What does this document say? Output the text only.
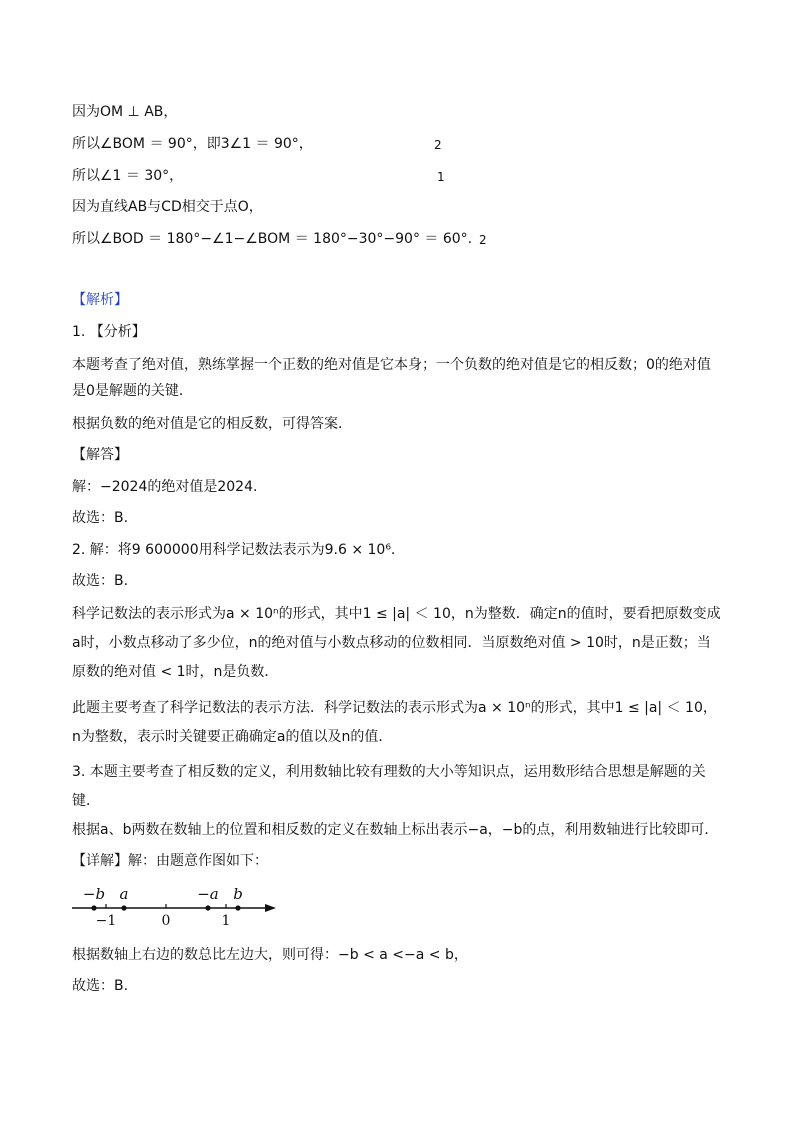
因为OM ⊥ AB，
所以∠BOM ＝ 90°，即3∠1 ＝ 90°，	2
所以∠1 ＝ 30°，	1
因为直线AB与CD相交于点O，
所以∠BOD ＝ 180°−∠1−∠BOM ＝ 180°−30°−90° ＝ 60°. 2
【解析】
1. 【分析】
本题考查了绝对值，熟练掌握一个正数的绝对值是它本身；一个负数的绝对值是它的相反数；0的绝对值是0是解题的关键．
根据负数的绝对值是它的相反数，可得答案．
【解答】
解：−2024的绝对值是2024.
故选：B.
2. 解：将9 600000用科学记数法表示为9.6 × 10⁶.
故选：B.
科学记数法的表示形式为a × 10ⁿ的形式，其中1 ≤ |a| ＜ 10，n为整数．确定n的值时，要看把原数变成a时，小数点移动了多少位，n的绝对值与小数点移动的位数相同．当原数绝对值 > 10时，n是正数；当原数的绝对值 < 1时，n是负数．
此题主要考查了科学记数法的表示方法．科学记数法的表示形式为a × 10ⁿ的形式，其中1 ≤ |a| ＜ 10，n为整数，表示时关键要正确确定a的值以及n的值．
3. 本题主要考查了相反数的定义，利用数轴比较有理数的大小等知识点，运用数形结合思想是解题的关键．
根据a、b两数在数轴上的位置和相反数的定义在数轴上标出表示−a，−b的点，利用数轴进行比较即可．
【详解】解：由题意作图如下：
−1	0	1
−b a	−a b
根据数轴上右边的数总比左边大，则可得：−b < a <−a < b，
故选：B.
